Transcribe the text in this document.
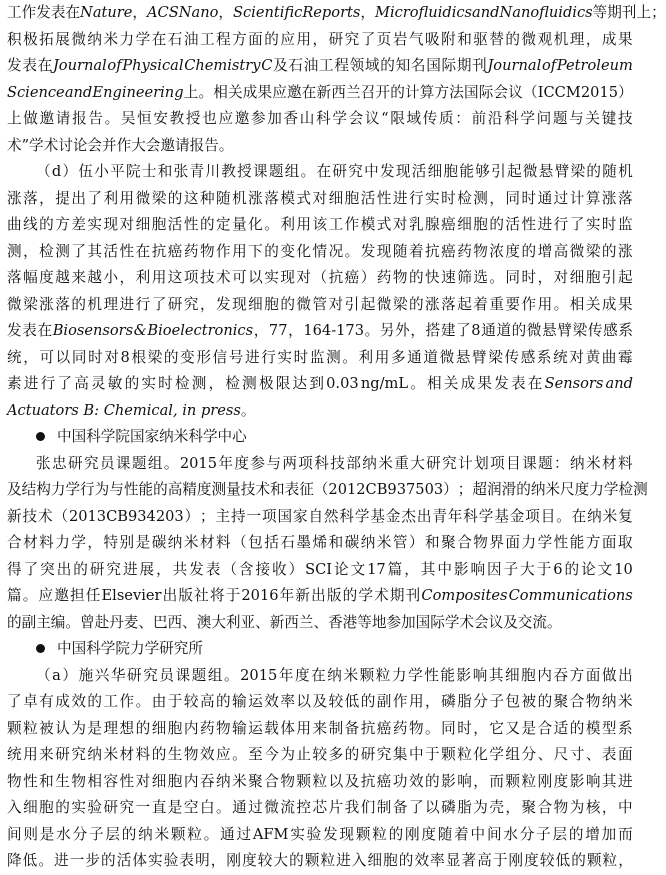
工 作 发 表 在 Nature ， ACS Nano ， Scientific Reports ， Microfluidics and Nanofluidics 等 期 刊 上 ；
积 极 拓 展 微 纳 米 力 学 在 石 油 工 程 方 面 的 应 用 ， 研 究 了 页 岩 气 吸 附 和 驱 替 的 微 观 机 理 ， 成 果
发 表 在 Journal of Physical Chemistry C 及 石 油 工 程 领 域 的 知 名 国 际 期 刊 Journal of Petroleum
Science and Engineering 上 。 相 关 成 果 应 邀 在 新 西 兰 召 开 的 计 算 方 法 国 际 会 议 （ ICCM 2015 ）
上 做 邀 请 报 告 。 吴 恒 安 教 授 也 应 邀 参 加 香 山 科 学 会 议 “ 限 域 传 质 ： 前 沿 科 学 问 题 与 关 键 技
术”学术讨论会并作大会邀请报告。
（ d ） 伍 小 平 院 士 和 张 青 川 教 授 课 题 组 。 在 研 究 中 发 现 活 细 胞 能 够 引 起 微 悬 臂 梁 的 随 机
涨 落 ， 提 出 了 利 用 微 梁 的 这 种 随 机 涨 落 模 式 对 细 胞 活 性 进 行 实 时 检 测 ， 同 时 通 过 计 算 涨 落
曲 线 的 方 差 实 现 对 细 胞 活 性 的 定 量 化 。 利 用 该 工 作 模 式 对 乳 腺 癌 细 胞 的 活 性 进 行 了 实 时 监
测 ， 检 测 了 其 活 性 在 抗 癌 药 物 作 用 下 的 变 化 情 况 。 发 现 随 着 抗 癌 药 物 浓 度 的 增 高 微 梁 的 涨
落 幅 度 越 来 越 小 ， 利 用 这 项 技 术 可 以 实 现 对 （ 抗 癌 ） 药 物 的 快 速 筛 选 。 同 时 ， 对 细 胞 引 起
微 梁 涨 落 的 机 理 进 行 了 研 究 ， 发 现 细 胞 的 微 管 对 引 起 微 梁 的 涨 落 起 着 重 要 作 用 。 相 关 成 果
发 表 在 Biosensors & Bioelectronics ， 77 ， 164-173 。 另 外 ， 搭 建 了 8 通 道 的 微 悬 臂 梁 传 感 系
统 ， 可 以 同 时 对 8 根 梁 的 变 形 信 号 进 行 实 时 监 测 。 利 用 多 通 道 微 悬 臂 梁 传 感 系 统 对 黄 曲 霉
素 进 行 了 高 灵 敏 的 实 时 检 测 ， 检 测 极 限 达 到 0.03 ng/mL 。 相 关 成 果 发 表 在 Sensors and
Actuators B: Chemical, in press 。
中国科学院国家纳米科学中心
张 忠 研 究 员 课 题 组 。 2015 年 度 参 与 两 项 科 技 部 纳 米 重 大 研 究 计 划 项 目 课 题 ： 纳 米 材 料
及 结 构 力 学 行 为 与 性 能 的 高 精 度 测 量 技 术 和 表 征 （ 2012CB937503 ） ； 超 润 滑 的 纳 米 尺 度 力 学 检 测
新 技 术 （ 2013CB934203 ） ； 主 持 一 项 国 家 自 然 科 学 基 金 杰 出 青 年 科 学 基 金 项 目 。 在 纳 米 复
合 材 料 力 学 ， 特 别 是 碳 纳 米 材 料 （ 包 括 石 墨 烯 和 碳 纳 米 管 ） 和 聚 合 物 界 面 力 学 性 能 方 面 取
得 了 突 出 的 研 究 进 展 ， 共 发 表 （ 含 接 收 ） SCI 论 文 17 篇 ， 其 中 影 响 因 子 大 于 6 的 论 文 10
篇 。 应 邀 担 任 Elsevier 出 版 社 将 于 2016 年 新 出 版 的 学 术 期 刊 Composites Communications
的副主编。曾赴丹麦、巴西、澳大利亚、新西兰、香港等地参加国际学术会议及交流。
中国科学院力学研究所
（ a ） 施 兴 华 研 究 员 课 题 组 。 2015 年 度 在 纳 米 颗 粒 力 学 性 能 影 响 其 细 胞 内 吞 方 面 做 出
了 卓 有 成 效 的 工 作 。 由 于 较 高 的 输 运 效 率 以 及 较 低 的 副 作 用 ， 磷 脂 分 子 包 被 的 聚 合 物 纳 米
颗 粒 被 认 为 是 理 想 的 细 胞 内 药 物 输 运 载 体 用 来 制 备 抗 癌 药 物 。 同 时 ， 它 又 是 合 适 的 模 型 系
统 用 来 研 究 纳 米 材 料 的 生 物 效 应 。 至 今 为 止 较 多 的 研 究 集 中 于 颗 粒 化 学 组 分 、 尺 寸 、 表 面
物 性 和 生 物 相 容 性 对 细 胞 内 吞 纳 米 聚 合 物 颗 粒 以 及 抗 癌 功 效 的 影 响 ， 而 颗 粒 刚 度 影 响 其 进
入 细 胞 的 实 验 研 究 一 直 是 空 白 。 通 过 微 流 控 芯 片 我 们 制 备 了 以 磷 脂 为 壳 ， 聚 合 物 为 核 ， 中
间 则 是 水 分 子 层 的 纳 米 颗 粒 。 通 过 AFM 实 验 发 现 颗 粒 的 刚 度 随 着 中 间 水 分 子 层 的 增 加 而
降 低 。 进 一 步 的 活 体 实 验 表 明 ， 刚 度 较 大 的 颗 粒 进 入 细 胞 的 效 率 显 著 高 于 刚 度 较 低 的 颗 粒 ，
